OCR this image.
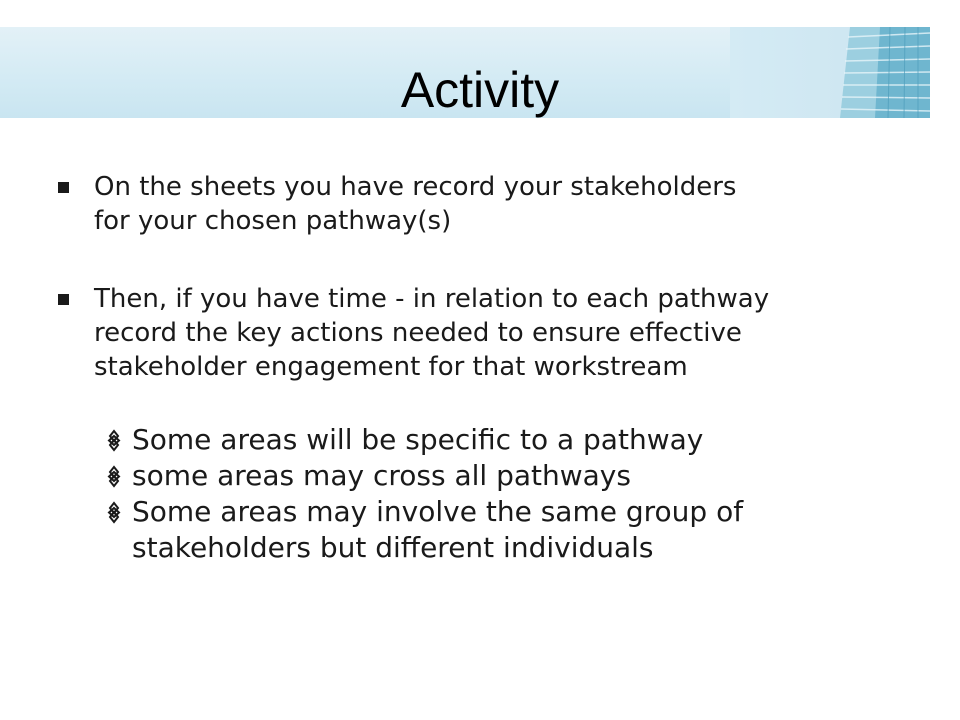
Activity
On the sheets you have record your stakeholders
for your chosen pathway(s)
Then, if you have time - in relation to each pathway
record the key actions needed to ensure effective
stakeholder engagement for that workstream
Some areas will be specific to a pathway
some areas may cross all pathways
Some areas may involve the same group of
stakeholders but different individuals
